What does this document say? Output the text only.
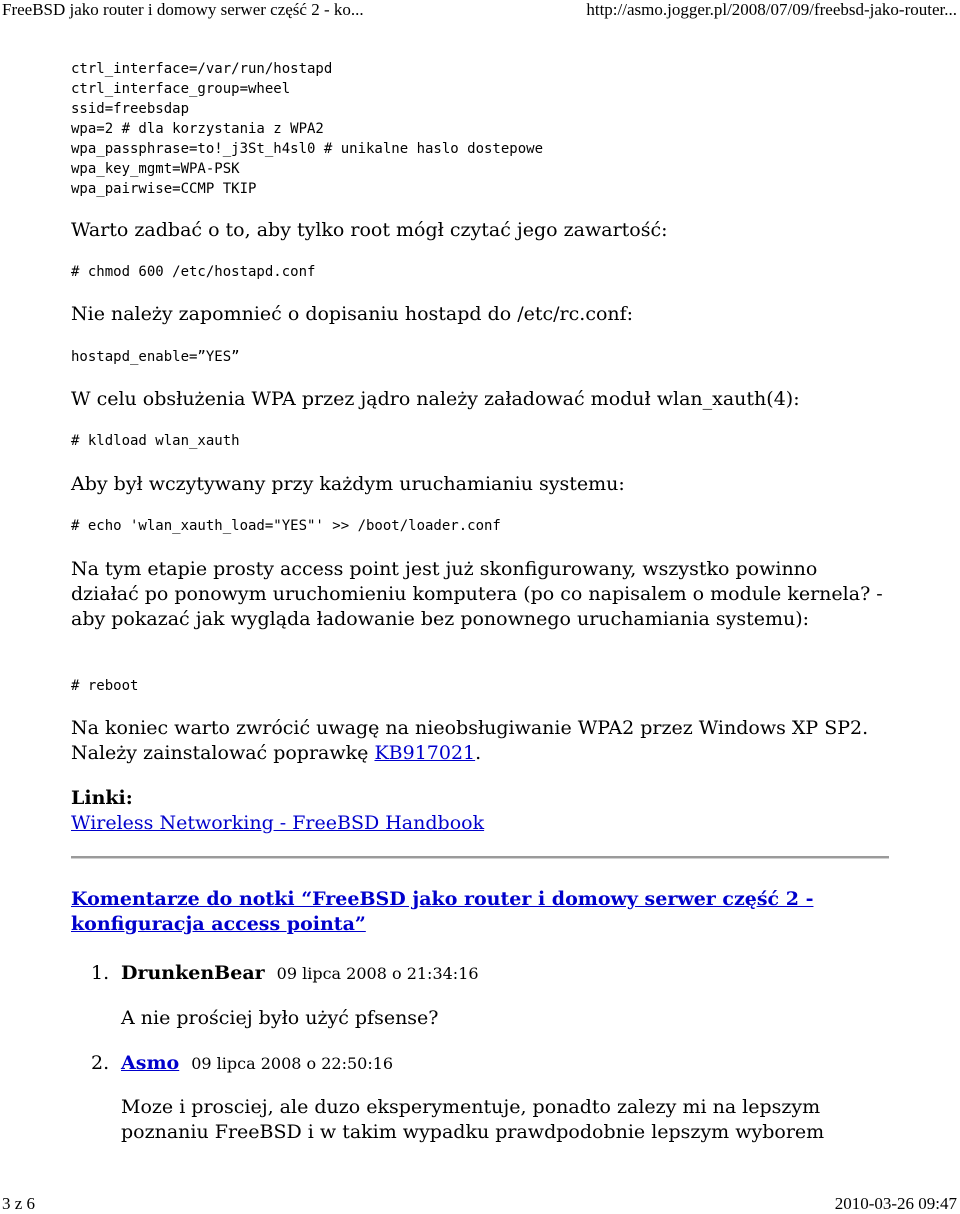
FreeBSD jako router i domowy serwer część 2 - ko...	http://asmo.jogger.pl/2008/07/09/freebsd-jako-router...
ctrl_interface=/var/run/hostapd
ctrl_interface_group=wheel
ssid=freebsdap
wpa=2 # dla korzystania z WPA2
wpa_passphrase=to!_j3St_h4sl0 # unikalne haslo dostepowe
wpa_key_mgmt=WPA-PSK
wpa_pairwise=CCMP TKIP

Warto zadbać o to, aby tylko root mógł czytać jego zawartość:

# chmod 600 /etc/hostapd.conf

Nie należy zapomnieć o dopisaniu hostapd do /etc/rc.conf:

hostapd_enable=”YES”

W celu obsłużenia WPA przez jądro należy załadować moduł wlan_xauth(4):

# kldload wlan_xauth

Aby był wczytywany przy każdym uruchamianiu systemu:

# echo 'wlan_xauth_load="YES"' >> /boot/loader.conf

Na tym etapie prosty access point jest już skonfigurowany, wszystko powinno działać po ponowym uruchomieniu komputera (po co napisalem o module kernela? - aby pokazać jak wygląda ładowanie bez ponownego uruchamiania systemu):

# reboot

Na koniec warto zwrócić uwagę na nieobsługiwanie WPA2 przez Windows XP SP2. Należy zainstalować poprawkę KB917021.

Linki:

Wireless Networking - FreeBSD Handbook

Komentarze do notki “FreeBSD jako router i domowy serwer część 2 - konfiguracja access pointa”
1. DrunkenBear 09 lipca 2008 o 21:34:16
A nie prościej było użyć pfsense?
2. Asmo 09 lipca 2008 o 22:50:16
Moze i prosciej, ale duzo eksperymentuje, ponadto zalezy mi na lepszym poznaniu FreeBSD i w takim wypadku prawdpodobnie lepszym wyborem
3 z 6	2010-03-26 09:47
